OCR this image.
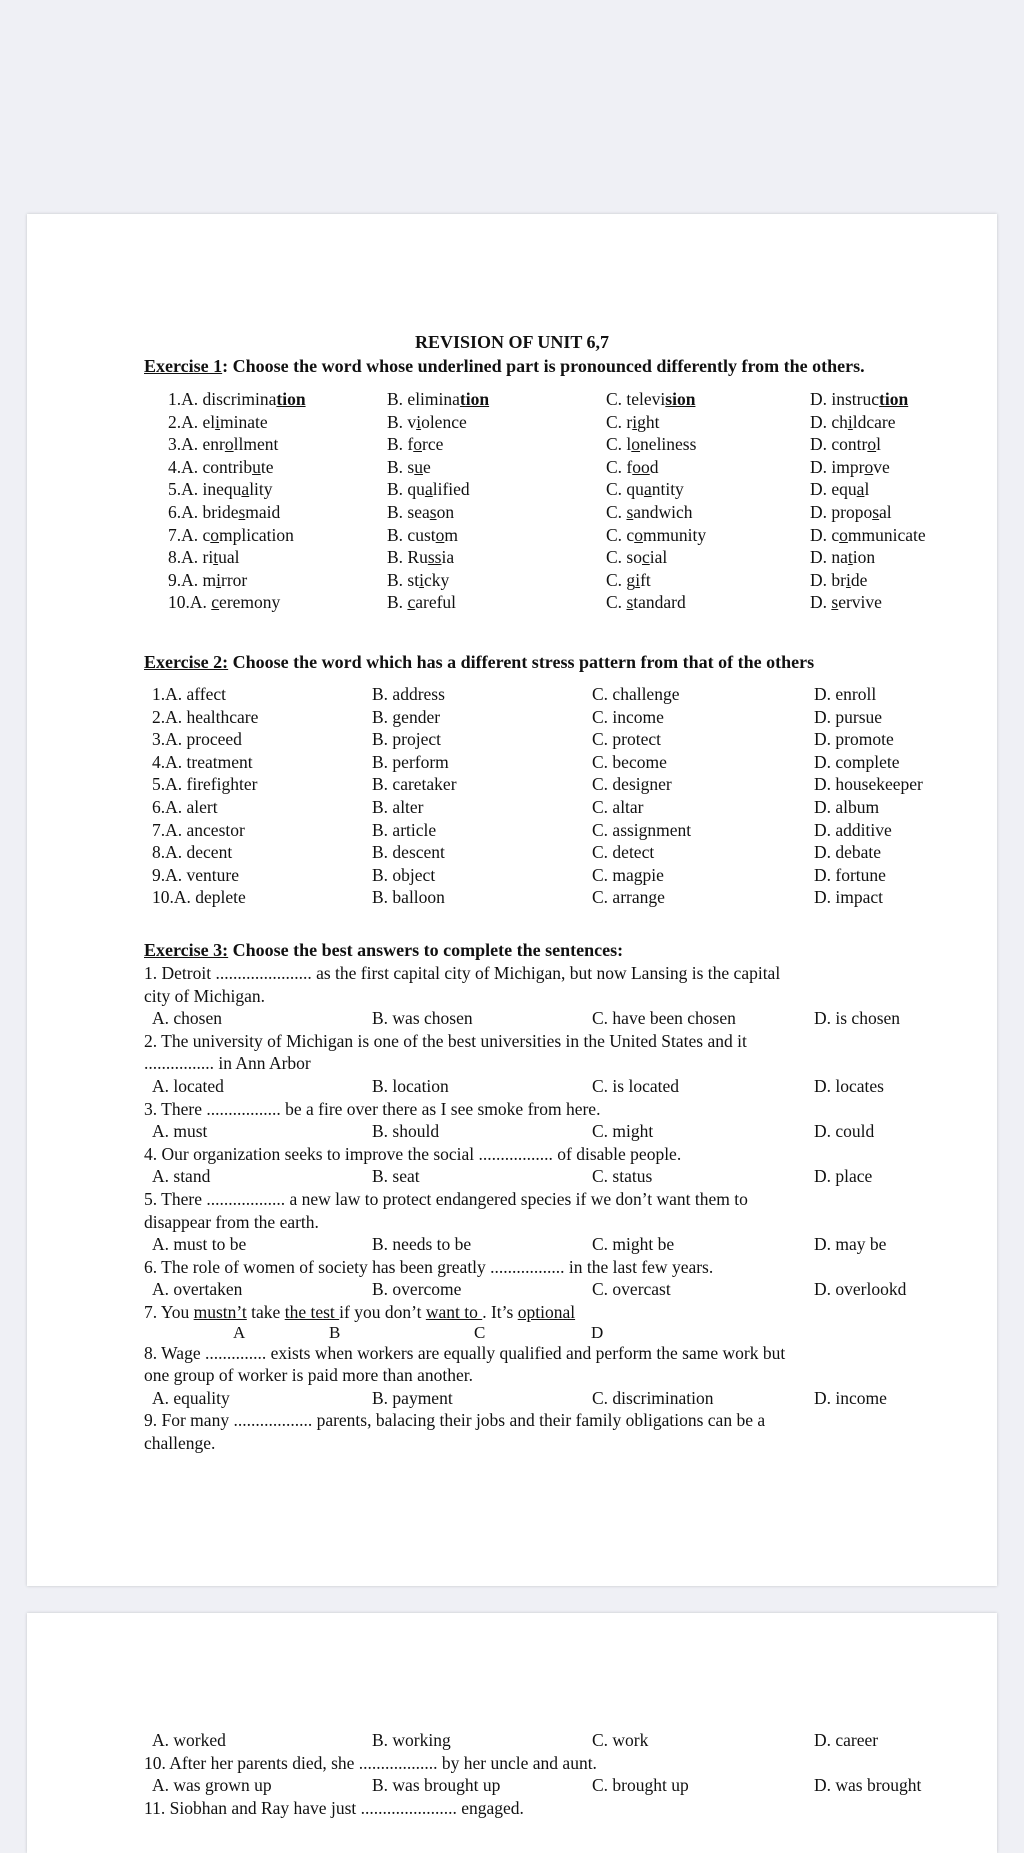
REVISION OF UNIT 6,7

Exercise 1: Choose the word whose underlined part is pronounced differently from the others.

1.A. discrimination	B. elimination	C. television	D. instruction
2.A. eliminate	B. violence	C. right	D. childcare
3.A. enrollment	B. force	C. loneliness	D. control
4.A. contribute	B. sue	C. food	D. improve
5.A. inequality	B. qualified	C. quantity	D. equal
6.A. bridesmaid	B. season	C. sandwich	D. proposal
7.A. complication	B. custom	C. community	D. communicate
8.A. ritual	B. Russia	C. social	D. nation
9.A. mirror	B. sticky	C. gift	D. bride
10.A. ceremony	B. careful	C. standard	D. servive

Exercise 2: Choose the word which has a different stress pattern from that of the others

1.A. affect	B. address	C. challenge	D. enroll
2.A. healthcare	B. gender	C. income	D. pursue
3.A. proceed	B. project	C. protect	D. promote
4.A. treatment	B. perform	C. become	D. complete
5.A. firefighter	B. caretaker	C. designer	D. housekeeper
6.A. alert	B. alter	C. altar	D. album
7.A. ancestor	B. article	C. assignment	D. additive
8.A. decent	B. descent	C. detect	D. debate
9.A. venture	B. object	C. magpie	D. fortune
10.A. deplete	B. balloon	C. arrange	D. impact

Exercise 3: Choose the best answers to complete the sentences:

1. Detroit ...................... as the first capital city of Michigan, but now Lansing is the capital

city of Michigan.

A. chosen	B. was chosen	C. have been chosen	D. is chosen

2. The university of Michigan is one of the best universities in the United States and it

................ in Ann Arbor

A. located	B. location	C. is located	D. locates

3. There ................. be a fire over there as I see smoke from here.

A. must	B. should	C. might	D. could

4. Our organization seeks to improve the social ................. of disable people.

A. stand	B. seat	C. status	D. place

5. There .................. a new law to protect endangered species if we don’t want them to

disappear from the earth.

A. must to be	B. needs to be	C. might be	D. may be

6. The role of women of society has been greatly ................. in the last few years.

A. overtaken	B. overcome	C. overcast	D. overlookd

7. You mustn’t take the test if you don’t want to . It’s optional

A	B	C	D

8. Wage .............. exists when workers are equally qualified and perform the same work but

one group of worker is paid more than another.

A. equality	B. payment	C. discrimination	D. income

9. For many .................. parents, balacing their jobs and their family obligations can be a

challenge.

A. worked	B. working	C. work	D. career

10. After her parents died, she .................. by her uncle and aunt.

A. was grown up	B. was brought up	C. brought up	D. was brought

11. Siobhan and Ray have just ...................... engaged.
